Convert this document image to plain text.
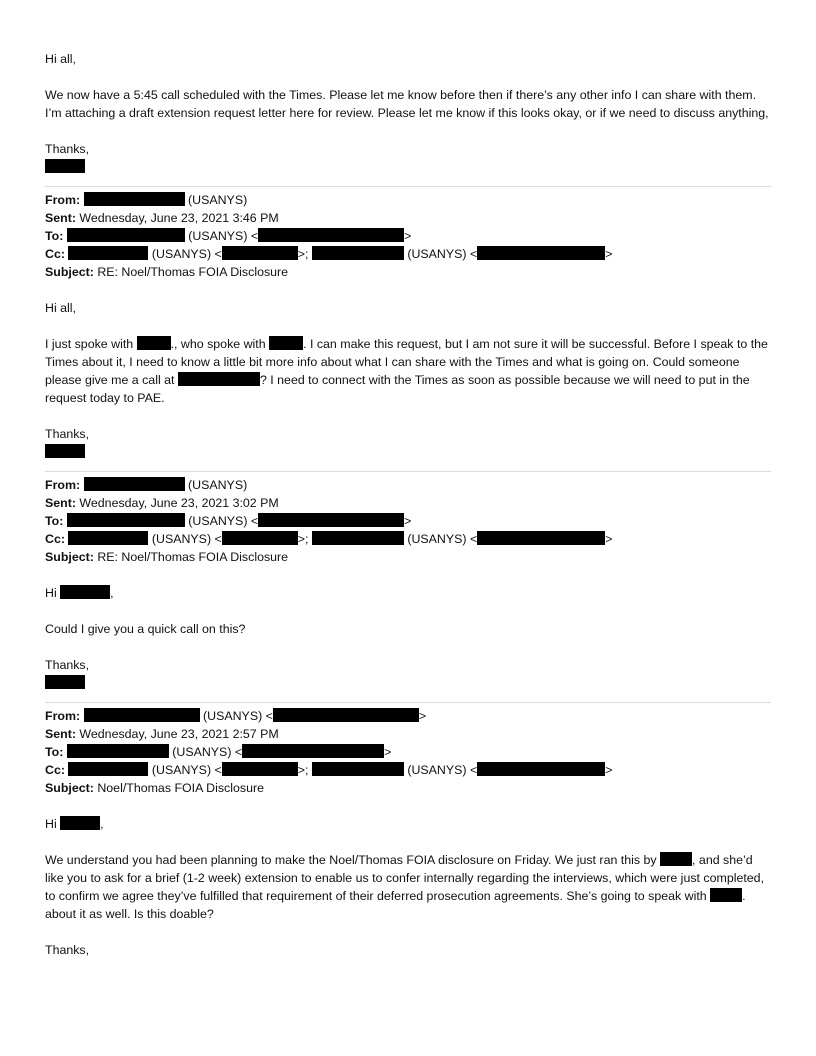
Hi all,

We now have a 5:45 call scheduled with the Times. Please let me know before then if there’s any other info I can share with them. I’m attaching a draft extension request letter here for review. Please let me know if this looks okay, or if we need to discuss anything,

Thanks,

From:	(USANYS)

Sent: Wednesday, June 23, 2021 3:46 PM

To:	(USANYS) <	>

Cc:	(USANYS) <	>;	(USANYS) <	>

Subject: RE: Noel/Thomas FOIA Disclosure

Hi all,

I just spoke with	., who spoke with	. I can make this request, but I am not sure it will be successful. Before I speak to the Times about it, I need to know a little bit more info about what I can share with the Times and what is going on. Could someone please give me a call at	? I need to connect with the Times as soon as possible because we will need to put in the request today to PAE.

Thanks,

From:	(USANYS)

Sent: Wednesday, June 23, 2021 3:02 PM

To:	(USANYS) <	>

Cc:	(USANYS) <	>;	(USANYS) <	>

Subject: RE: Noel/Thomas FOIA Disclosure

Hi	,

Could I give you a quick call on this?

Thanks,

From:	(USANYS) <	>

Sent: Wednesday, June 23, 2021 2:57 PM

To:	(USANYS) <	>

Cc:	(USANYS) <	>;	(USANYS) <	>

Subject: Noel/Thomas FOIA Disclosure

Hi	,

We understand you had been planning to make the Noel/Thomas FOIA disclosure on Friday. We just ran this by	, and she’d like you to ask for a brief (1-2 week) extension to enable us to confer internally regarding the interviews, which were just completed, to confirm we agree they’ve fulfilled that requirement of their deferred prosecution agreements. She’s going to speak with	. about it as well. Is this doable?

Thanks,
